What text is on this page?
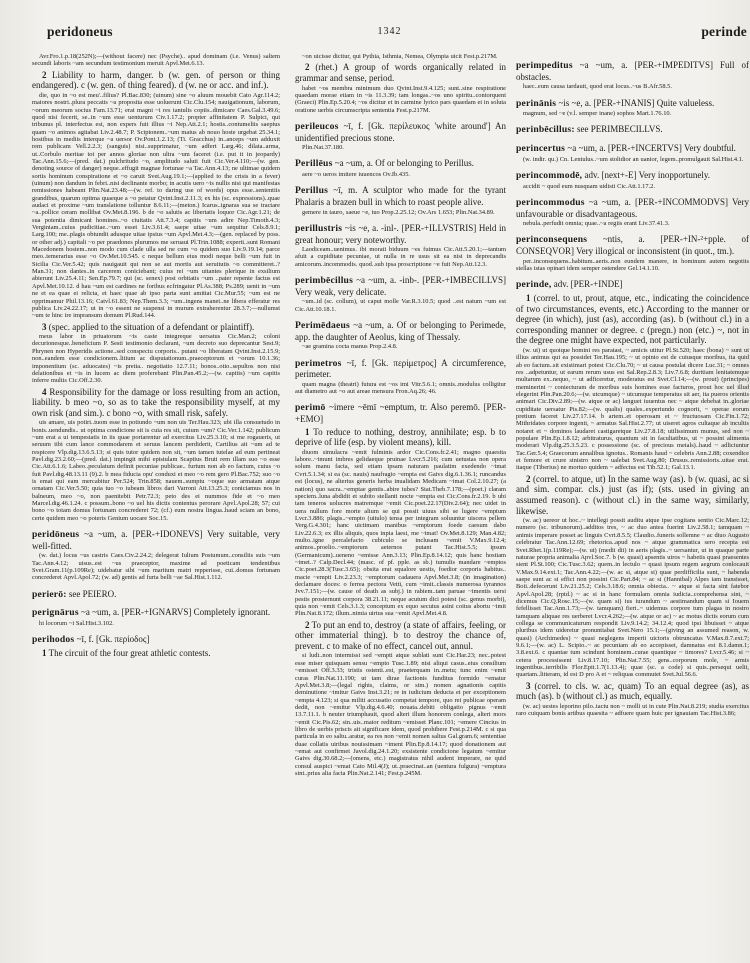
peridoneus	1342	perinde

Avr.Fro.1.p.18(252N);—(without facere) nec (Psyche).. apud dominam (i.e. Venus) saltem secundi laboris ~am secundum testimonium meruit Apvl.Met.6.13.

2 Liability to harm, danger. b (w. gen. of person or thing endangered). c (w. gen. of thing feared). d (w. ne or acc. and inf.).

die, quo in ~o est meu'..filius? Pl.Bac.830; (uinum) sine ~o aluum mouebit Cato Agr.114.2; maiores nostri..plura peccatis ~a proposita esse uoluerunt Cic.Clu.154; nauigationum, laborum, ~orum meorum socius Fam.13.71; erat magni ~i res tantulis copiis..dimicare Caes.Gal.3.49.6; quod nisi fecerit, se..in ~um esse uenturum Civ.1.17.2; propter affinitatem P. Sulpici, qui tribunus pl. interfectus est, non expers fuit illius ~i Nep.Att.2.1; hostis..contumeliis saepius quam ~o animos agitabat Liv.2.48.7; P. Scipionem..~um maius ab nouo hoste urgebat 25.34.1; hostibus in mediis interque ~a uersor Ov.Pont.1.2.13; (Ti. Gracchus) in..anceps ~um adduxit rem publicam Vell.2.2.3; (sanguis) nisi..supprimatur, ~um adfert Larg.46; dilata..arma, ut..Corbulo meritae tot per annos gloriae non ultra ~um faceret (i.e. put it in jeopardy) Tac.Ann.15.6;—(pred. dat.) pulchritudo ~o, amplitudo saluti fuit Cic.Ver.4.110;—(w. gen. denoting source of danger) neque..effugit magnae fortunae ~a Tac.Ann.4.13; ne ultimae quidem sortis hominum conspiratione et ~o caruit Svet.Aug.19.1;—(applied to the crisis in a fever) (uinum) non dandum in febri..nisi declinante morbo; in acutis uero ~is nullis nisi qui manifestas remissiones habeant Plin.Nat.23.48;—(w. ref. to daring use of words) opus esse..sententiis grandibus, quarum optima quaeque a ~o petatur Qvint.Inst.2.11.3; ex his (sc. expressions)..quae audaci et proxime ~um translatione tolluntur 8.6.11;—(meton.) Icarus..ignaras sua se tractare ~a..pollice ceram mollibat Ov.Met.8.196. b de ~o salutis ac libertatis loquor Cic.Agr.1.21; de sua potentia dimicant homines..~o ciuitatis Att.7.3.4; capitis ~um adire Nep.Timoth.4.3; Verginiam..cuius pudicitiae..~um esset Liv.3.61.4; saepe uitae ~um sequitur Cels.8.9.1; Larg.100; me..plagis obtundit adusque uitae ipsius ~um Apvl.Met.4.3;—(gen. replaced by poss. or other adj.) capitali ~o per praedones plurumos me seruaui Pl.Trin.1088; experti..sunt Romani Macedonem hostem..non modo cum clade ulla sed ne cum ~o quidem suo Liv.9.19.14; parce meo..temerarius esse ~o Ov.Met.10.545. c neque bellum eius modi neque belli ~um fuit in Sicilia Cic.Ver.5.42; quis nauigauit qui non se aut mortis aut seruitutis ~o committeret..? Man.31; non dantes..in carcerem coniciebant; cuius rei ~um uitantes plerique in exsilium abierunt Liv.25.4.11; Sen.Ep.79.7; qui (sc. senex) post orbitatis ~um ..pater repente factus est Apvl.Met.10.12. d hau ~um est cardines ne foribus ecfringatur Pl.As.388; Ps.289; uenit in ~um ne et ea quae ei relicta, et haec quae ab ipso parta sunt amittat Cic.Mur.55; ~um est ne opprimamur Phil.13.16; Catvl.61.83; Nep.Them.3.3; ~um..ingens manet..ne libera efferatur res publica Liv.24.22.17; ut in ~o essent ne suspensi in murum extraherentur 28.3.7;—nullumst ~um te hinc ire impransum domum Pl.Rud.144.

3 (spec. applied to the situation of a defendant or plaintiff).

meus labor in priuatorum ~is caste integreque uersatus Cic.Man.2; coloni decurionesque..beneficium P. Sesti testimonio declarant, ~um decreto suo deprecantur Sest.9; Phrynen non Hyperidis actione..sed conspectu corporis.. putant ~o liberatam Qvint.Inst.2.15.9; non..eandem esse condicionem..litium ac disputationum..praeceptorum et ~orum 10.1.36; imponentium (sc. aduocates) ~is pretia.. negotiatio 12.7.11; bonos..otio..sepultos non nisi delationibus et ~is in lucem ac diem proferebant Plin.Pan.45.2;—(w. capitis) ~um capitis inferre multis Cic.Off.2.30.

4 Responsibility for the damage or loss resulting from an action, liability. b meo ~o, so as to take the responsibility myself, at my own risk (and sim.). c bono ~o, with small risk, safely.

uis amare, uis potiri..tuom esse in potiundo ~um non uis Ter.Hau.323; ubi illa consuetudo in bonis..uendundis.. ut optima condicione sit is cuia res sit, cuium ~um? Cic.Ver.1.142; publicum ~um erat a ui tempestatis in iis quae portarentur ad exercitus Liv.25.3.10; si me rogaueris, ut seruum tibi cum lance commodarem et seruus lancem perdiderit, Cartilius ait ~um ad te respicere Vlp.dig.13.6.5.13; si quis tutor quidem non sit, ~um tamen tutelae ad eum pertineat Pavl.dig.23.2.60;—(pred. dat.) impingit mihi epistulam Scaptius Bruti rem illam suo ~o esse Cic.Att.6.1.6; Labeo..peculatum definit pecuniae publicae.. furtum non ab eo factum, cuius ~o fuit Pavl.dig.48.13.11 (9).2. b mea fiducia opu' conduxi et meo ~o rem gero Pl.Bac.752; suo ~o is emat qui eam mercabitur Per.524; Trin.858; nauem..sumptu ~oque suo armatam atque ornatam Cic.Ver.5.50; quia tuo ~o iubeam libros dari Varroni Att.13.25.3; coniciamus nos in balneum, meo ~o, non paenitebit Petr.72.3; peto des ei nummos fide et ~o meo Marcel.dig.46.1.24. c possum..bono ~o uel his dictis contentus perorare Apvl.Apol.28; 57; cui bono ~o totam domus fortunam concrederet 72; (cf.) eum nostra lingua..haud sciam an bono, certe quidem meo ~o poteris Genium uocare Soc.15.

peridōneus ~a ~um, a. [PER-+IDONEVS] Very suitable, very well-fitted.

(w. dat.) locus ~us castris Caes.Civ.2.24.2; delegerat Iulium Postumum..consiliis suis ~um Tac.Ann.4.12; uisus..est ~us praeceptor, maxime ad poeticam tendentibus Svet.Gram.11(p.109Re); uidebatur sibi ~um maritum matri repperisse, cui..domus fortunam concrederet Apvl.Apol.72; (w. ad) gentis ad furta belli ~ae Sal.Hist.1.112.

perierō: see PEIERO.

perignārus ~a ~um, a. [PER-+IGNARVS] Completely ignorant.

hi locorum ~i Sal.Hist.3.102.

perihodos ~ī, f. [Gk. περίοδος]

1 The circuit of the four great athletic contests.

~on uicisse dicitur, qui Pythia, Isthmia, Nemea, Olympia uicit Fest.p.217M.

2 (rhet.) A group of words organically related in grammar and sense, period.

habet ~os membra minimum duo Qvint.Inst.9.4.125; sunt..sine respiratione quaedam morae etiam in ~is 11.3.39; tam longas..~os uno spiritu..contorquent (Graeci) Plin.Ep.5.20.4; ~os dicitur et in carmine lyrico pars quaedam et in soluta oratione uerbis circumscripta sententia Fest.p.217M.

perileucos ~ī, f. [Gk. περίλευκος 'white around'] An unidentified precious stone.

Plin.Nat.37.180.

Perillēus ~a ~um, a. Of or belonging to Perillus.

aere ~o ueros imitere iuuencos Ov.Ib.435.

Perillus ~ī, m. A sculptor who made for the tyrant Phalaris a brazen bull in which to roast people alive.

gemere in tauro, saeue ~e, tuo Prop.2.25.12; Ov.Ars 1.653; Plin.Nat.34.89.

perillustris ~is ~e, a. -inl-. [PER-+ILLVSTRIS] Held in great honour; very noteworthy.

Laodiceam..uenimus. ibi morati biduum ~es fuimus Cic.Att.5.20.1;—tantum afuit a cupiditate pecuniae, ut nulla in re usus sit ea nisi in deprecandis amicorum..incommodis. quod..sub ipsa proscriptione ~e fuit Nep.Att.12.3.

perimbēcillus ~a ~um, a. -inb-. [PER-+IMBECILLVS] Very weak, very delicate.

~um..id (sc. collum), ut caput molle Var.R.3.10.5; quod ..est natum ~um est Cic.Att.10.18.1.

Perimēdaeus ~a ~um, a. Of or belonging to Perimede, app. the daughter of Aeolus, king of Thessaly.

~ae gramina cocta manus Prop.2.4.8.

perimetros ~ī, f. [Gk. περίμετρος] A circumference, perimeter.

quam magna (theatri) futura est ~os imi Vitr.5.6.1; omnis..modulus colligitur aut diametro aut ~o aut areae mensura Fron.Aq.26; 46.

perimō ~imere ~ēmī ~emptum, tr. Also peremō. [PER-+EMO]

1 To reduce to nothing, destroy, annihilate; esp. b to deprive of life (esp. by violent means), kill.

diuom simulacra ~emit fulminis ardor Cic.Cons.fr.2.41; magno quaesita labore..~imunt imbres gelidaeque pruinae Lvcr.5.216; cum uetustas non opera solum manu facta, sed etiam ipsam naturam paulatim exedendo ~imat Cvrt.5.1.34; si ea (sc. nauis) naufragio ~empta est Gaivs dig.6.1.36.1; runcandus est (locus), ne alterius generis herba inualidam Medicam ~imat Col.2.10.27; (a nation) quo sacra..~emptae gentis..abire iubes? Stat.Theb.7.178;—(poet.) claram speciem..luna abdidit et subito stellanti nocte ~empta est Cic.Cons.fr.2.19. b ubi tam teneros uolucres matremque ~emit Cic.poet.22.17(Div.2.64); nec uidet in uera nullum fore morte alium se qui possit uiuus sibi se lugere ~emptum Lvcr.3.886; plagis..~empto (uitulo) tensa per integram soluuntur uiscera pellem Verg.G.4.301; hanc uictimam manibus ~emptorum foede caesum dabo Liv.22.6.3; ex illis aliquis, quos inpia laesi, me ~imat! Ov.Met.8.129; Man.4.82; multo..igne percalefacto cubiculo se inclusam ~emit V.Max.9.12.4; animos..proelio..~emptorum aeternos putant Tac.Hist.5.5; ipsum (Germanicum)..ueneno ~emisse Ann.3.13; Plin.Ep.8.14.12; quis hanc hostiam ~imet..? Calp.Decl.44; (masc. of pf. pple. as sb.) tumulis mandare ~emptos Cic.poet.28.3(Tusc.3.65); obsita erat squalore uestis, foedior corporis habitus.. macie ~empti Liv.2.23.3; ~emptorum cadauera Apvl.Met.3.8; (in imagination) declamare doces: o ferrea pectora Vetti, cum ~imit..classis numerosa tyrannos Jvv.7.151;—(w. cause of death as subj.) in rabiem..tam paruae ~imentis uersi pestis prosternunt corpora 38.21.11; neque acutum dici potest (sc. genus morbi), quia non ~emit Cels.3.1.3; conceptum ex equo secutus asini coitus abortu ~imit Plin.Nat.8.172; illum..nimia uirtus sua ~emit Apvl.Met.4.8.

2 To put an end to, destroy (a state of affairs, feeling, or other immaterial thing). b to destroy the chance of, prevent. c to make of no effect, cancel out, annul.

si ludi..non intermissi sed ~empti atque sublati sunt Cic.Har.23; nec..potest esse miser quisquam sensu ~empto Tusc.1.89; nisi aliqui casus..eius consilium ~emisset Off.3.33; tristis ostenti..est, praeterquam in..metu; tunc enim ~emit curas Plin.Nat.11.190; ut tam dirae factionis funditus formido ~ematur Apvl.Met.3.8;—(legal rights, claims, or sim.) nomen agnationis capitis deminutione ~imitur Gaivs Inst.3.21; re in iudicium deducta et per exceptionem ~empta 4.123; si qua militi accusatio competat tempore, quo rei publicae operam dedit, non ~emitur Vlp.dig.4.6.40; nouata..debiti obligatio pignus ~emit 13.7.11.1. b neuter triumphauit, quod alteri illum honorem conlega, alteri mors ~emit Cic.Pis.62; sin..uis..maior reditum ~emisset Planc.101; ~emere Cincius in libro de uerbis priscis ait significare idem, quod prohibere Fest.p.214M. c si qua particula in eo saltu..aratur, ea res non ~emit nomen saltus Gal.gram.6; sententiae duae collatis uiribus nouissimam ~iment Plin.Ep.8.14.17; quod donationem aut ~emat aut confirmet Javol.dig.24.1.20; exsistente condicione legatum ~emitur Gaivs dig.30.68.2;—(omens, etc.) magistratus nihil audent imperare, ne quid consul auspici ~emat Cato Mil.4(J); ut..praecinat..an (uentura fulgura) ~emptura sint..prius alia facta Plin.Nat.2.141; Fest.p.245M.

perimpeditus ~a ~um, a. [PER-+IMPEDITVS] Full of obstacles.

haec..eum causa tardauit, quod erat locus..~us B.Afr.58.5.

perinānis ~is ~e, a. [PER-+INANIS] Quite valueless.

magnum, sed ~e (v.l. semper inane) sophos Mart.1.76.10.

perinbēcillus: see PERIMBECILLVS.

perincertus ~a ~um, a. [PER-+INCERTVS] Very doubtful.

(w. indir. qu.) Cn. Lentulus..~um stolidior an uanior, legem..promulgauit Sal.Hist.4.1.

perincommodē, adv. [next+-E] Very inopportunely.

accidit ~ quod eum nusquam uidisti Cic.Att.1.17.2.

perincommodus ~a ~um, a. [PER-+INCOMMODVS] Very unfavourable or disadvantageous.

nebula..perfudit omnia; quae..~a regiis erant Liv.37.41.3.

perinconsequens ~ntis, a. [PER-+IN-²+pple. of CONSEQVOR] Very illogical or inconsistent (in quot., tm.).

per..inconsequens..habitum..aeris..non eundem manere, in hominum autem negotiis stellas istas opinari idem semper ostendere Gel.14.1.10.

perinde, adv. [PER-+INDE]

1 (correl. to ut, prout, atque, etc., indicating the coincidence of two circumstances, events, etc.) According to the manner or degree (in which), just (as), according (as). b (without cl.) in a corresponding manner or degree. c (pregn.) non (etc.) ~, not in the degree one might have expected, not particularly.

(w. ut) ut quoique homini res paratast, ~ amicis utitur Pl.St.520; haec (bona) ~ sunt ut illius animus qui ea possidet Ter.Hau.195; ~ ut opinio est de cuiusque moribus, ita quid ab eo factum..sit existimari potest Cic.Clu.70; ~ ut causa postulat dicere Luc.31; ~ omnes res ..adpetuntur, ut earum rerum usus est Sal.Rep.2.8.3; Liv.7.6.8; duritiam lenitatemque multarum ex..nequo, ~ ut adficeretur, moderatus est Svet.Cl.14;—(w. prout) (principes) meminerint ~ coniecturam de moribus suis homines esse facturos, prout hoc uel illud elegerint Plin.Pan.20.6;—(w. utcumque) ~ utcumque temperatus sit aer, ita pueros orientis animari Cic.Div.2.89;—(w. atque or ac) languet iuuentus nec ~ atque debebat in..gloriae cupiditate uersatur Pis.82;—(w. qualis) quales..experiundo cognorit, ~ operae eorum pretium faceret Liv.27.17.14. b artem..et operosam et ~ fructuosam Cic.Fin.1.72; Mithridates corpore ingenti, ~ armatus Sal.Hist.2.77; ut uiseret agros cultaque ab incultis notaret et ~ dominos laudaret castigaretque Liv.27.8.18; utilissimum munus, sed non ~ populare Plin.Ep.1.8.12; arbitraturus, quantum sit in facultatibus, ut ~ possint alimenta moderari Vlp.dig.25.3.5.23. c possessione (sc. of precious metals)..haud ~ adliciuntur Tac.Ger.5.4; Graecorum annalibus ignotus.. Romanis haud ~ celebris Ann.2.88; coxendice et femore et crure sinistro non ~ ualebat Svet.Aug.80; Drusus..remissioris..uitae erat. itaque (Tiberius) ne mortuo quidem ~ adfectus est Tib.52.1; Gal.13.1.

2 (correl. to atque, ut) In the same way (as). b (w. quasi, ac si and sim. compar. cls.) just (as if); (sts. used in giving an assumed reason). c (without cl.) in the same way, similarly, likewise.

(w. ac) uereor ut hoc..~ intellegi possit auditu atque ipse cogitans sentio Cic.Marc.12; numero (sc. tribunorum)..additos tres, ~ ac duo antea fuerint Liv.2.58.1; tamquam ~ animis imperare posset ac linguis Cvrt.8.5.5; Claudio..funeris sollemne ~ ac diuo Augusto celebratur Tac.Ann.12.69; rhetorica..apud nos ~ atque grammatica sero recepta est Svet.Rhet.1(p.119Re);—(w. ut) (medii dii) in aeris plagis..~ uersantur, ut in quaque parte naturae propria animalia Apvl.Soc.7. b (w. quasi) apsentis uiros ~ habetis quasi praesentes sient Pl.St.100; Cic.Tusc.3.62; quem..in lectulo ~ quasi ipsum regem aegrum conlocauit V.Max.9.14.ext.1; Tac.Ann.4.22;—(w. ac si, atque si) quae perdifficilia sunt, ~ habenda saepe sunt ac si effici non possint Cic.Part.84; ~ ac si (Hannibal) Alpes iam transisset, Boii..defecerunt Liv.21.25.2; Cels.3.18.6; omnia obiecta.. ~ atque si facta sint fatebor Apvl.Apol.28; (rptd.) ~ ac si in hanc formulam omnia iudicia..comprehensa sint, ~ dicemus Cic.Q.Rosc.15;—(w. quam si) ius iurandum ~ aestimandum quam si Iouem fefellisset Tac.Ann.1.73;—(w. tamquam) fieri..~ uidemus corpore tum plagas in nostro tamquam aliquae res uerberet Lvcr.4.262;—(w. atque or ac) ~ ac motus dictis eorum cum collega se communicaturum respondit Liv.9.14.2; 34.12.4; quod ipsi libuisset ~ atque pluribus idem uideretur pronuntiabat Svet.Nero 15.1;—(giving an assumed reason, w. quasi) (Archimedes) ~ quasi neglegens imperii uictoris obtruncatus V.Max.8.7.ext.7; 9.6.1;—(w. ac) L. Scipio..~ ac pecuniam ab eo accepisset, damnatus est 8.1.damn.1; 3.8.ext.6. c quantae tum scindunt hominem..curae quantique ~ timores? Lvcr.5.46; si ~ cetera processissent Liv.8.17.10; Plin.Nat.7.55; gens..corporum mole, ~ armis ingentibus..terribilis Flor.Epit.1.7(1.13.4); quae (sc. a code) si quis..persequi uelit, quartam..litteram, id est D pro A et ~ reliquas commutet Svet.Jul.56.6.

3 (correl. to cls. w. ac, quam) To an equal degree (as), as much (as). b (without cl.) as much, equally.

(w. ac) uestes leporino pilo..tactu non ~ molli ut in cute Plin.Nat.8.219; studia exercitus raro cuiquam bonis artibus quaesita ~ adfuere quam huic per ignauiam Tac.Hist.3.86;
